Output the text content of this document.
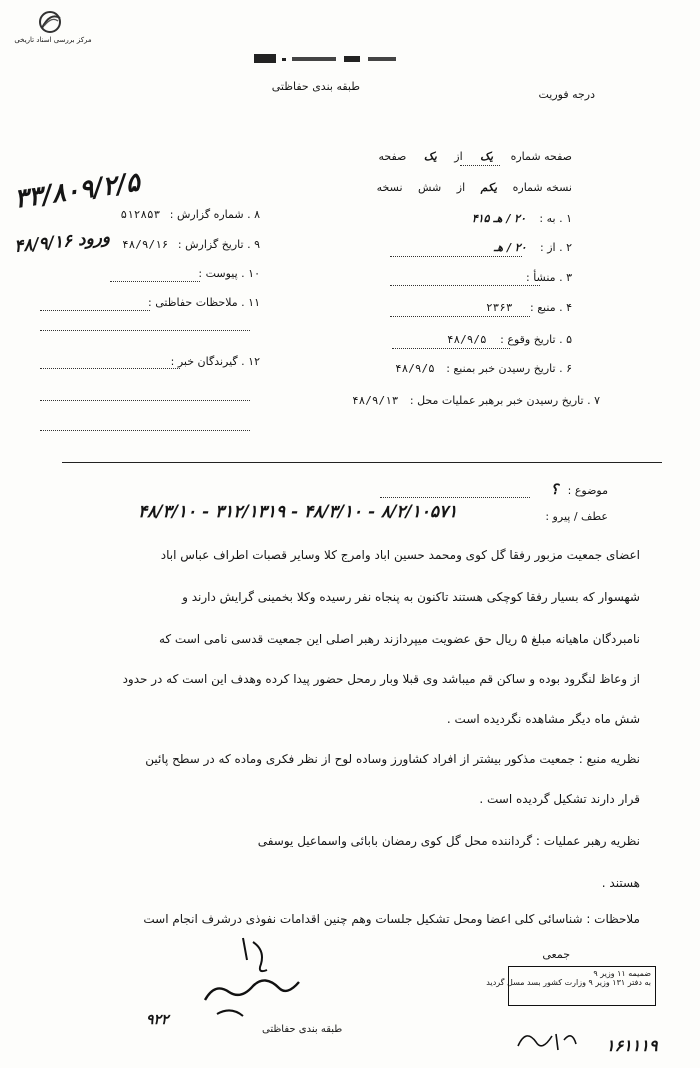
مرکز بررسی اسناد تاریخی
طبقه بندی حفاظتی
درجه فوریت
صفحه شماره یک از یک صفحه
نسخه شماره یکم از شش نسخه
۱ . به : ۲۰ / هـ ۴۱۵
۲ . از : ۲۰ / هـ
۳ . منشأ :
۴ . منبع : ۲۳۶۳
۵ . تاریخ وقوع : ۴۸/۹/۵
۶ . تاریخ رسیدن خبر بمنبع : ۴۸/۹/۵
۷ . تاریخ رسیدن خبر برهبر عملیات محل : ۴۸/۹/۱۳
۳۳/۸۰۹/۲/۵	۸ . شماره گزارش : ۵۱۲۸۵۳
۴۸/۹/۱۶ ورود	۹ . تاریخ گزارش : ۴۸/۹/۱۶
۱۰ . پیوست :
۱۱ . ملاحظات حفاظتی :
۱۲ . گیرندگان خبر :
موضوع : ؟
عطف / پیرو :
۴۸/۳/۱۰ - ۳۱۲/۱۳۱۹ - ۴۸/۳/۱۰ - ۸/۲/۱۰۵۷۱
اعضای جمعیت مزبور رفقا گل کوی ومحمد حسین اباد وامرج کلا وسایر قصبات اطراف عباس اباد
شهسوار که بسیار رفقا کوچکی هستند تاکنون به پنجاه نفر رسیده وکلا بخمینی گرایش دارند و
نامبردگان ماهیانه مبلغ ۵ ریال حق عضویت میپردازند رهبر اصلی این جمعیت قدسی نامی است که
از وعاظ لنگرود بوده و ساکن قم میباشد وی قبلا وبار رمحل حضور پیدا کرده وهدف این است که در حدود
شش ماه دیگر مشاهده نگردیده است .
نظریه منبع : جمعیت مذکور بیشتر از افراد کشاورز وساده لوح از نظر فکری وماده که در سطح پائین
قرار دارند تشکیل گردیده است .
نظریه رهبر عملیات : گرداننده محل گل کوی رمضان بابائی واسماعیل یوسفی
هستند .
ملاحظات : شناسائی کلی اعضا ومحل تشکیل جلسات وهم چنین اقدامات نفوذی درشرف انجام است
جمعی
۹۲۲
طبقه بندی حفاظتی
ضمیمه ۱۱ وزیر ۹
به دفتر ۱۳۱ وزیر ۹ وزارت کشور بسد مسل گردید
۱۶۱۱۱۹
